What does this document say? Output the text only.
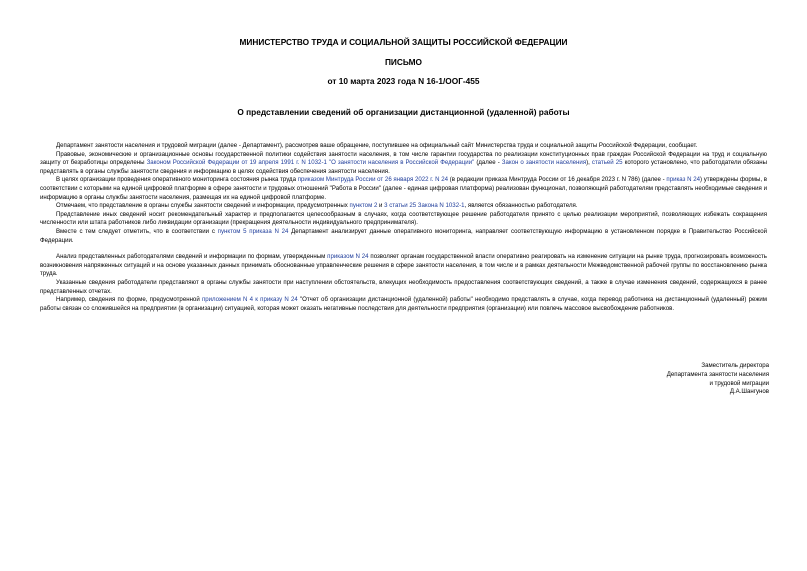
МИНИСТЕРСТВО ТРУДА И СОЦИАЛЬНОЙ ЗАЩИТЫ РОССИЙСКОЙ ФЕДЕРАЦИИ
ПИСЬМО
от 10 марта 2023 года N 16-1/ООГ-455
О представлении сведений об организации дистанционной (удаленной) работы

Департамент занятости населения и трудовой миграции (далее - Департамент), рассмотрев ваше обращение, поступившее на официальный сайт Министерства труда и социальной защиты Российской Федерации, сообщает.

Правовые, экономические и организационные основы государственной политики содействия занятости населения, в том числе гарантии государства по реализации конституционных прав граждан Российской Федерации на труд и социальную защиту от безработицы определены Законом Российской Федерации от 19 апреля 1991 г. N 1032-1 "О занятости населения в Российской Федерации" (далее - Закон о занятости населения), статьей 25 которого установлено, что работодатели обязаны представлять в органы службы занятости сведения и информацию в целях содействия обеспечения занятости населения.

В целях организации проведения оперативного мониторинга состояния рынка труда приказом Минтруда России от 26 января 2022 г. N 24 (в редакции приказа Минтруда России от 16 декабря 2023 г. N 786) (далее - приказ N 24) утверждены формы, в соответствии с которыми на единой цифровой платформе в сфере занятости и трудовых отношений "Работа в России" (далее - единая цифровая платформа) реализован функционал, позволяющий работодателям представлять необходимые сведения и информацию в органы службы занятости населения, размещая их на единой цифровой платформе.

Отмечаем, что представление в органы службы занятости сведений и информации, предусмотренных пунктом 2 и 3 статьи 25 Закона N 1032-1, является обязанностью работодателя.

Представление иных сведений носит рекомендательный характер и предполагается целесообразным в случаях, когда соответствующее решение работодателя принято с целью реализации мероприятий, позволяющих избежать сокращения численности или штата работников либо ликвидации организации (прекращения деятельности индивидуального предпринимателя).

Вместе с тем следует отметить, что в соответствии с пунктом 5 приказа N 24 Департамент анализирует данные оперативного мониторинга, направляет соответствующую информацию в установленном порядке в Правительство Российской Федерации.

Анализ представленных работодателями сведений и информации по формам, утвержденным приказом N 24 позволяет органам государственной власти оперативно реагировать на изменение ситуации на рынке труда, прогнозировать возможность возникновения напряженных ситуаций и на основе указанных данных принимать обоснованные управленческие решения в сфере занятости населения, в том числе и в рамках деятельности Межведомственной рабочей группы по восстановлению рынка труда.

Указанные сведения работодатели представляют в органы службы занятости при наступлении обстоятельств, влекущих необходимость предоставления соответствующих сведений, а также в случае изменения сведений, содержащихся в ранее представленных отчетах.

Например, сведения по форме, предусмотренной приложением N 4 к приказу N 24 "Отчет об организации дистанционной (удаленной) работы" необходимо представлять в случае, когда перевод работника на дистанционный (удаленный) режим работы связан со сложившейся на предприятии (в организации) ситуацией, которая может оказать негативные последствия для деятельности предприятия (организации) или повлечь массовое высвобождение работников.

Заместитель директора
Департамента занятости населения
и трудовой миграции
Д.А.Шангунов
